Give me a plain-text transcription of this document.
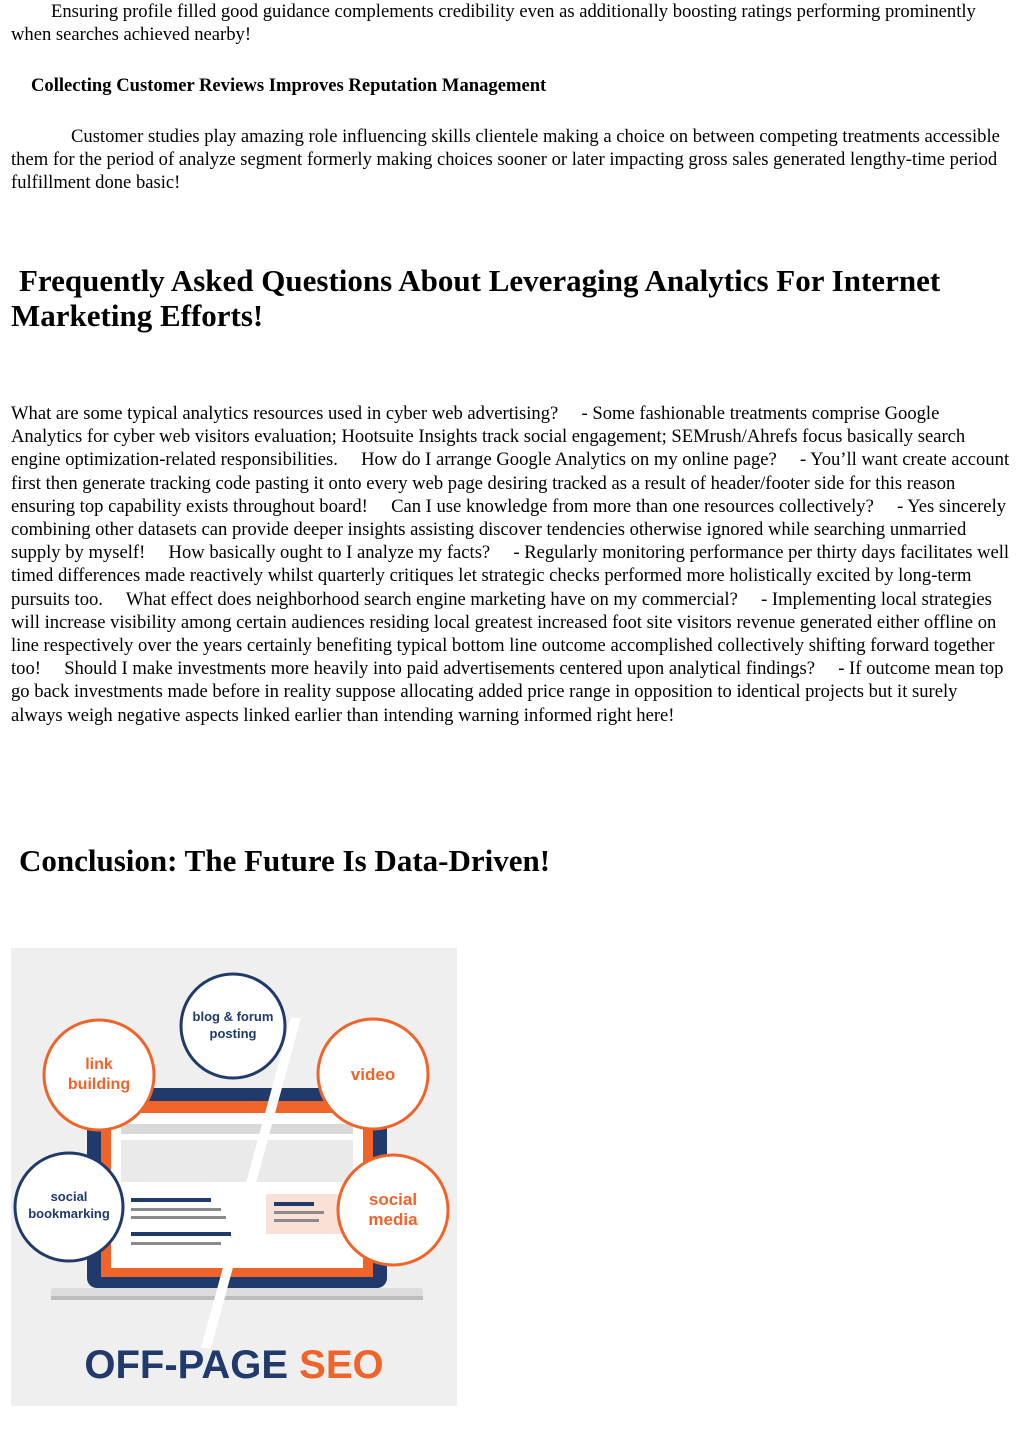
Ensuring profile filled good guidance complements credibility even as additionally boosting ratings performing prominently when searches achieved nearby!

Collecting Customer Reviews Improves Reputation Management

Customer studies play amazing role influencing skills clientele making a choice on between competing treatments accessible them for the period of analyze segment formerly making choices sooner or later impacting gross sales generated lengthy-time period fulfillment done basic!

Frequently Asked Questions About Leveraging Analytics For Internet Marketing Efforts!

What are some typical analytics resources used in cyber web advertising?     - Some fashionable treatments comprise Google Analytics for cyber web visitors evaluation; Hootsuite Insights track social engagement; SEMrush/Ahrefs focus basically search engine optimization-related responsibilities.     How do I arrange Google Analytics on my online page?     - You’ll want create account first then generate tracking code pasting it onto every web page desiring tracked as a result of header/footer side for this reason ensuring top capability exists throughout board!     Can I use knowledge from more than one resources collectively?     - Yes sincerely combining other datasets can provide deeper insights assisting discover tendencies otherwise ignored while searching unmarried supply by myself!     How basically ought to I analyze my facts?     - Regularly monitoring performance per thirty days facilitates well timed differences made reactively whilst quarterly critiques let strategic checks performed more holistically excited by long-term pursuits too.     What effect does neighborhood search engine marketing have on my commercial?     - Implementing local strategies will increase visibility among certain audiences residing local greatest increased foot site visitors revenue generated either offline on line respectively over the years certainly benefiting typical bottom line outcome accomplished collectively shifting forward together too!     Should I make investments more heavily into paid advertisements centered upon analytical findings?     - If outcome mean top go back investments made before in reality suppose allocating added price range in opposition to identical projects but it surely always weigh negative aspects linked earlier than intending warning informed right here!

Conclusion: The Future Is Data-Driven!
blog & forum
posting
link
building
video
social
bookmarking
social
media
OFF-PAGE SEO
